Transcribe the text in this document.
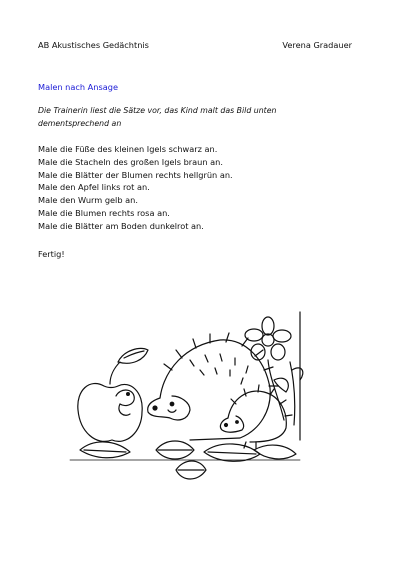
AB Akustisches Gedächtnis	Verena Gradauer
Malen nach Ansage
Die Trainerin liest die Sätze vor, das Kind malt das Bild unten dementsprechend an
Male die Füße des kleinen Igels schwarz an.
Male die Stacheln des großen Igels braun an.
Male die Blätter der Blumen rechts hellgrün an.
Male den Apfel links rot an.
Male den Wurm gelb an.
Male die Blumen rechts rosa an.
Male die Blätter am Boden dunkelrot an.
Fertig!
